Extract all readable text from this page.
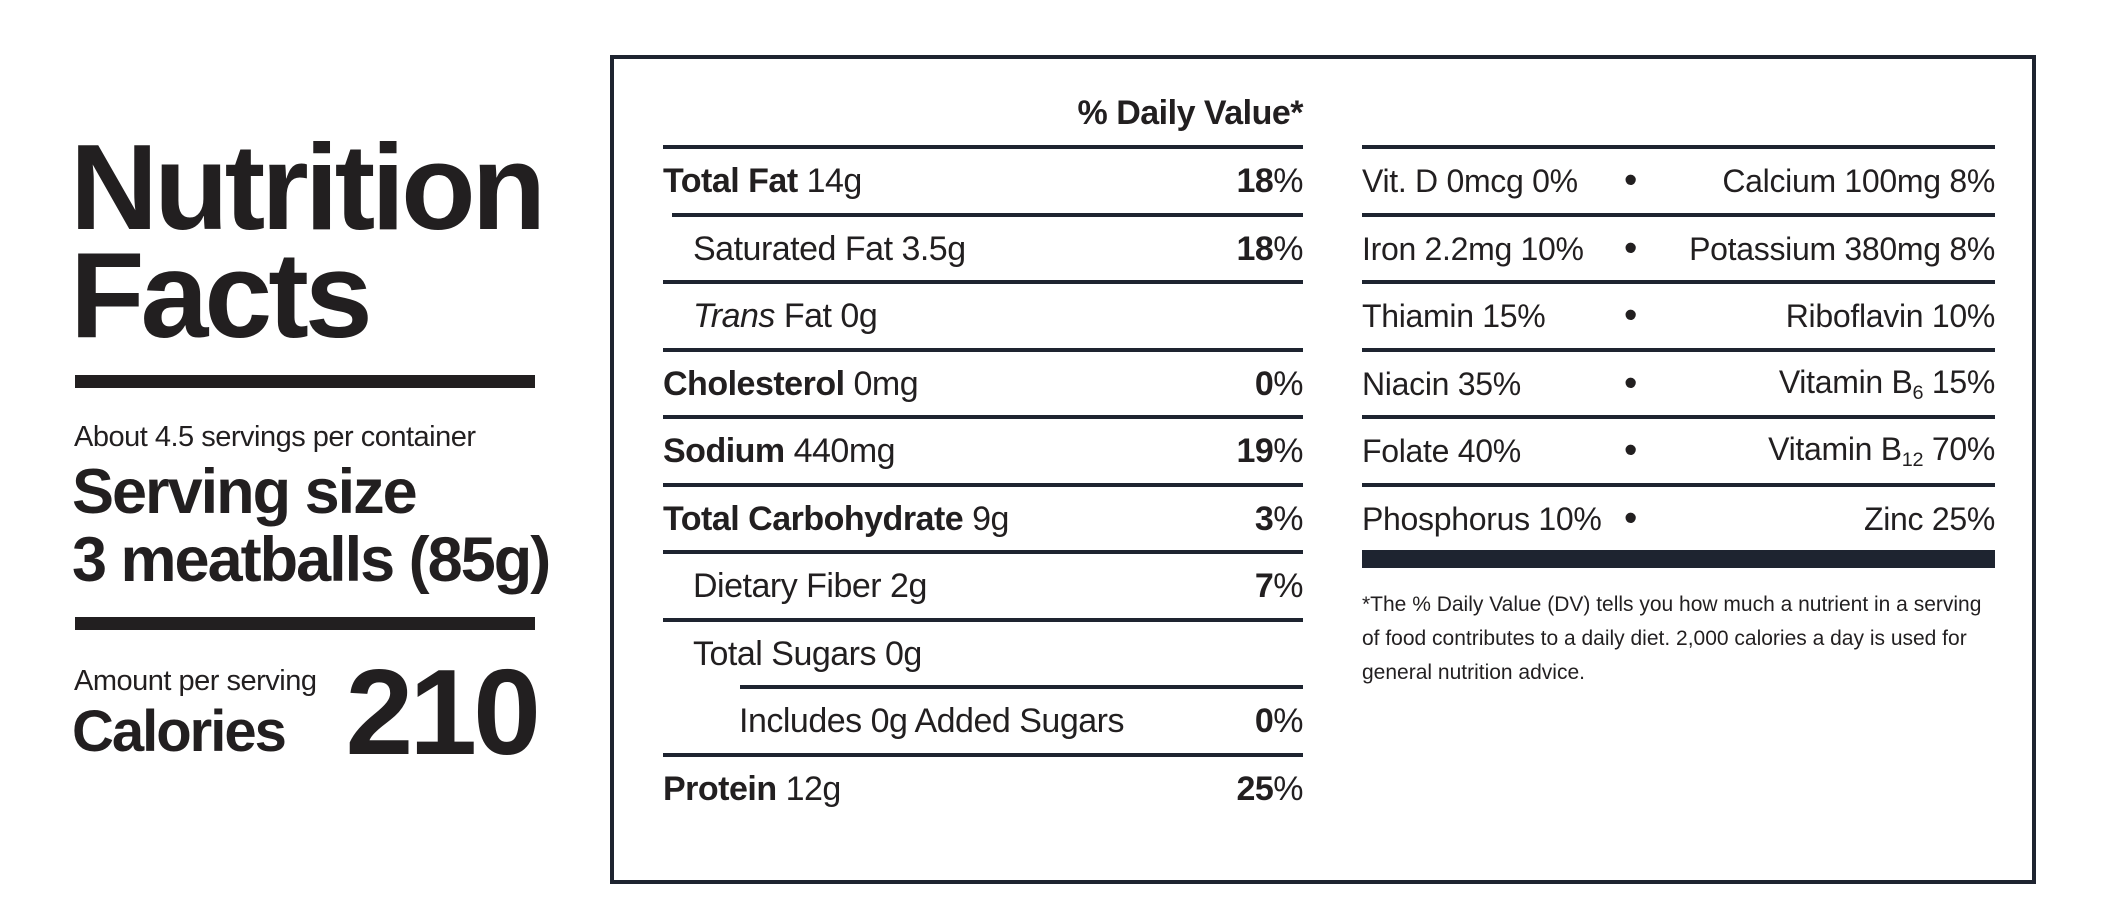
Nutrition
Facts
About 4.5 servings per container
Serving size
3 meatballs (85g)
Amount per serving
Calories 210
% Daily Value*
Total Fat 14g	18%
Saturated Fat 3.5g	18%
Trans Fat 0g
Cholesterol 0mg	0%
Sodium 440mg	19%
Total Carbohydrate 9g	3%
Dietary Fiber 2g	7%
Total Sugars 0g
Includes 0g Added Sugars	0%
Protein 12g	25%
Vit. D 0mcg 0% •	Calcium 100mg 8%
Iron 2.2mg 10% • Potassium 380mg 8%
Thiamin 15% •	Riboflavin 10%
Niacin 35%	•	Vitamin $B_6$ 15%
Folate 40%	•	Vitamin $B_{12}$ 70%
Phosphorus 10% •	Zinc 25%
*The % Daily Value (DV) tells you how much a nutrient in a serving of food contributes to a daily diet. 2,000 calories a day is used for general nutrition advice.
